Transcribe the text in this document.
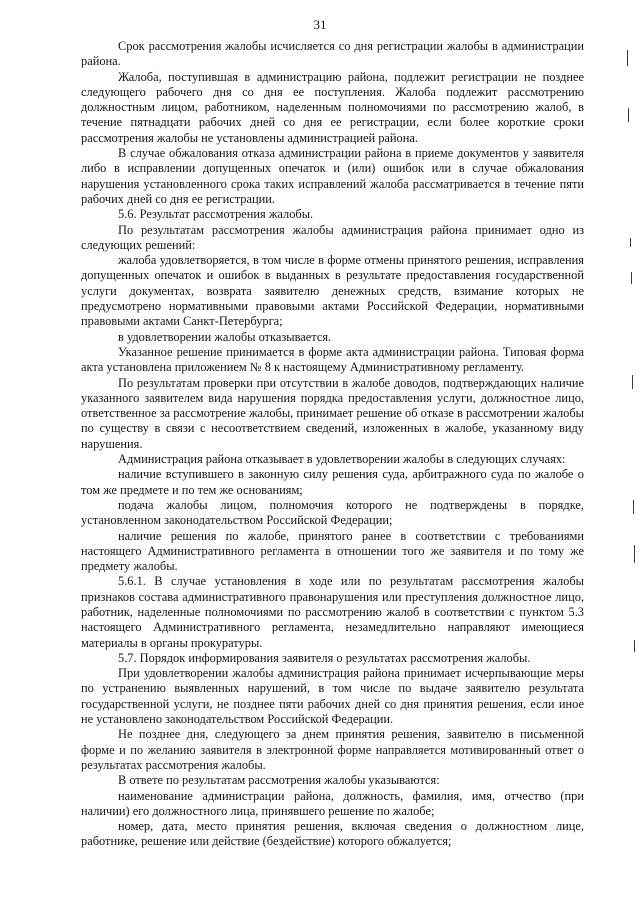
31

Срок рассмотрения жалобы исчисляется со дня регистрации жалобы в администрации района.

Жалоба, поступившая в администрацию района, подлежит регистрации не позднее следующего рабочего дня со дня ее поступления. Жалоба подлежит рассмотрению должностным лицом, работником, наделенным полномочиями по рассмотрению жалоб, в течение пятнадцати рабочих дней со дня ее регистрации, если более короткие сроки рассмотрения жалобы не установлены администрацией района.

В случае обжалования отказа администрации района в приеме документов у заявителя либо в исправлении допущенных опечаток и (или) ошибок или в случае обжалования нарушения установленного срока таких исправлений жалоба рассматривается в течение пяти рабочих дней со дня ее регистрации.

5.6. Результат рассмотрения жалобы.

По результатам рассмотрения жалобы администрация района принимает одно из следующих решений:

жалоба удовлетворяется, в том числе в форме отмены принятого решения, исправления допущенных опечаток и ошибок в выданных в результате предоставления государственной услуги документах, возврата заявителю денежных средств, взимание которых не предусмотрено нормативными правовыми актами Российской Федерации, нормативными правовыми актами Санкт-Петербурга;

в удовлетворении жалобы отказывается.

Указанное решение принимается в форме акта администрации района. Типовая форма акта установлена приложением № 8 к настоящему Административному регламенту.

По результатам проверки при отсутствии в жалобе доводов, подтверждающих наличие указанного заявителем вида нарушения порядка предоставления услуги, должностное лицо, ответственное за рассмотрение жалобы, принимает решение об отказе в рассмотрении жалобы по существу в связи с несоответствием сведений, изложенных в жалобе, указанному виду нарушения.

Администрация района отказывает в удовлетворении жалобы в следующих случаях:

наличие вступившего в законную силу решения суда, арбитражного суда по жалобе о том же предмете и по тем же основаниям;

подача жалобы лицом, полномочия которого не подтверждены в порядке, установленном законодательством Российской Федерации;

наличие решения по жалобе, принятого ранее в соответствии с требованиями настоящего Административного регламента в отношении того же заявителя и по тому же предмету жалобы.

5.6.1. В случае установления в ходе или по результатам рассмотрения жалобы признаков состава административного правонарушения или преступления должностное лицо, работник, наделенные полномочиями по рассмотрению жалоб в соответствии с пунктом 5.3 настоящего Административного регламента, незамедлительно направляют имеющиеся материалы в органы прокуратуры.

5.7. Порядок информирования заявителя о результатах рассмотрения жалобы.

При удовлетворении жалобы администрация района принимает исчерпывающие меры по устранению выявленных нарушений, в том числе по выдаче заявителю результата государственной услуги, не позднее пяти рабочих дней со дня принятия решения, если иное не установлено законодательством Российской Федерации.

Не позднее дня, следующего за днем принятия решения, заявителю в письменной форме и по желанию заявителя в электронной форме направляется мотивированный ответ о результатах рассмотрения жалобы.

В ответе по результатам рассмотрения жалобы указываются:

наименование администрации района, должность, фамилия, имя, отчество (при наличии) его должностного лица, принявшего решение по жалобе;

номер, дата, место принятия решения, включая сведения о должностном лице, работнике, решение или действие (бездействие) которого обжалуется;
